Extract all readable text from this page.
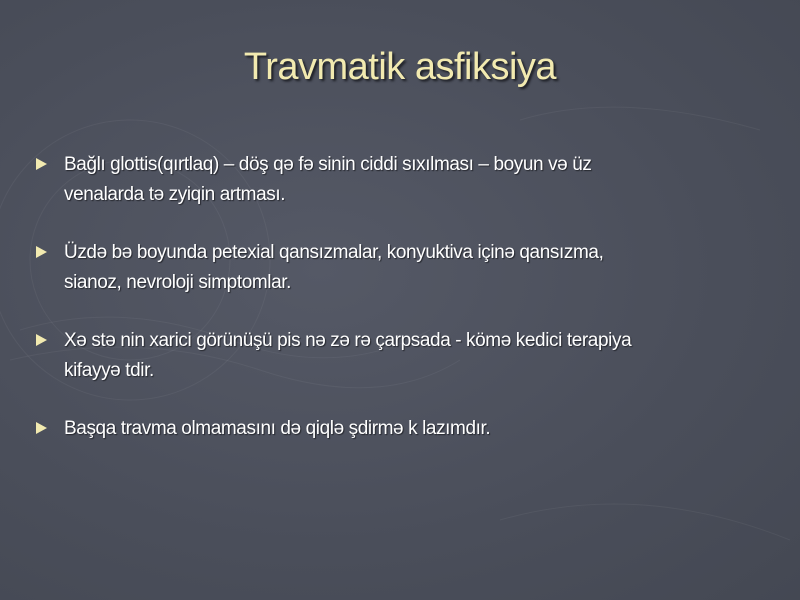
Travmatik asfiksiya
Bağlı glottis(qırtlaq) – döş qə fə sinin ciddi sıxılması – boyun və üz
venalarda tə zyiqin artması.
Üzdə bə boyunda petexial qansızmalar, konyuktiva içinə qansızma,
sianoz, nevroloji simptomlar.
Xə stə nin xarici görünüşü pis nə zə rə çarpsada - kömə kedici terapiya
kifayyə tdir.
Başqa travma olmamasını də qiqlə şdirmə k lazımdır.
